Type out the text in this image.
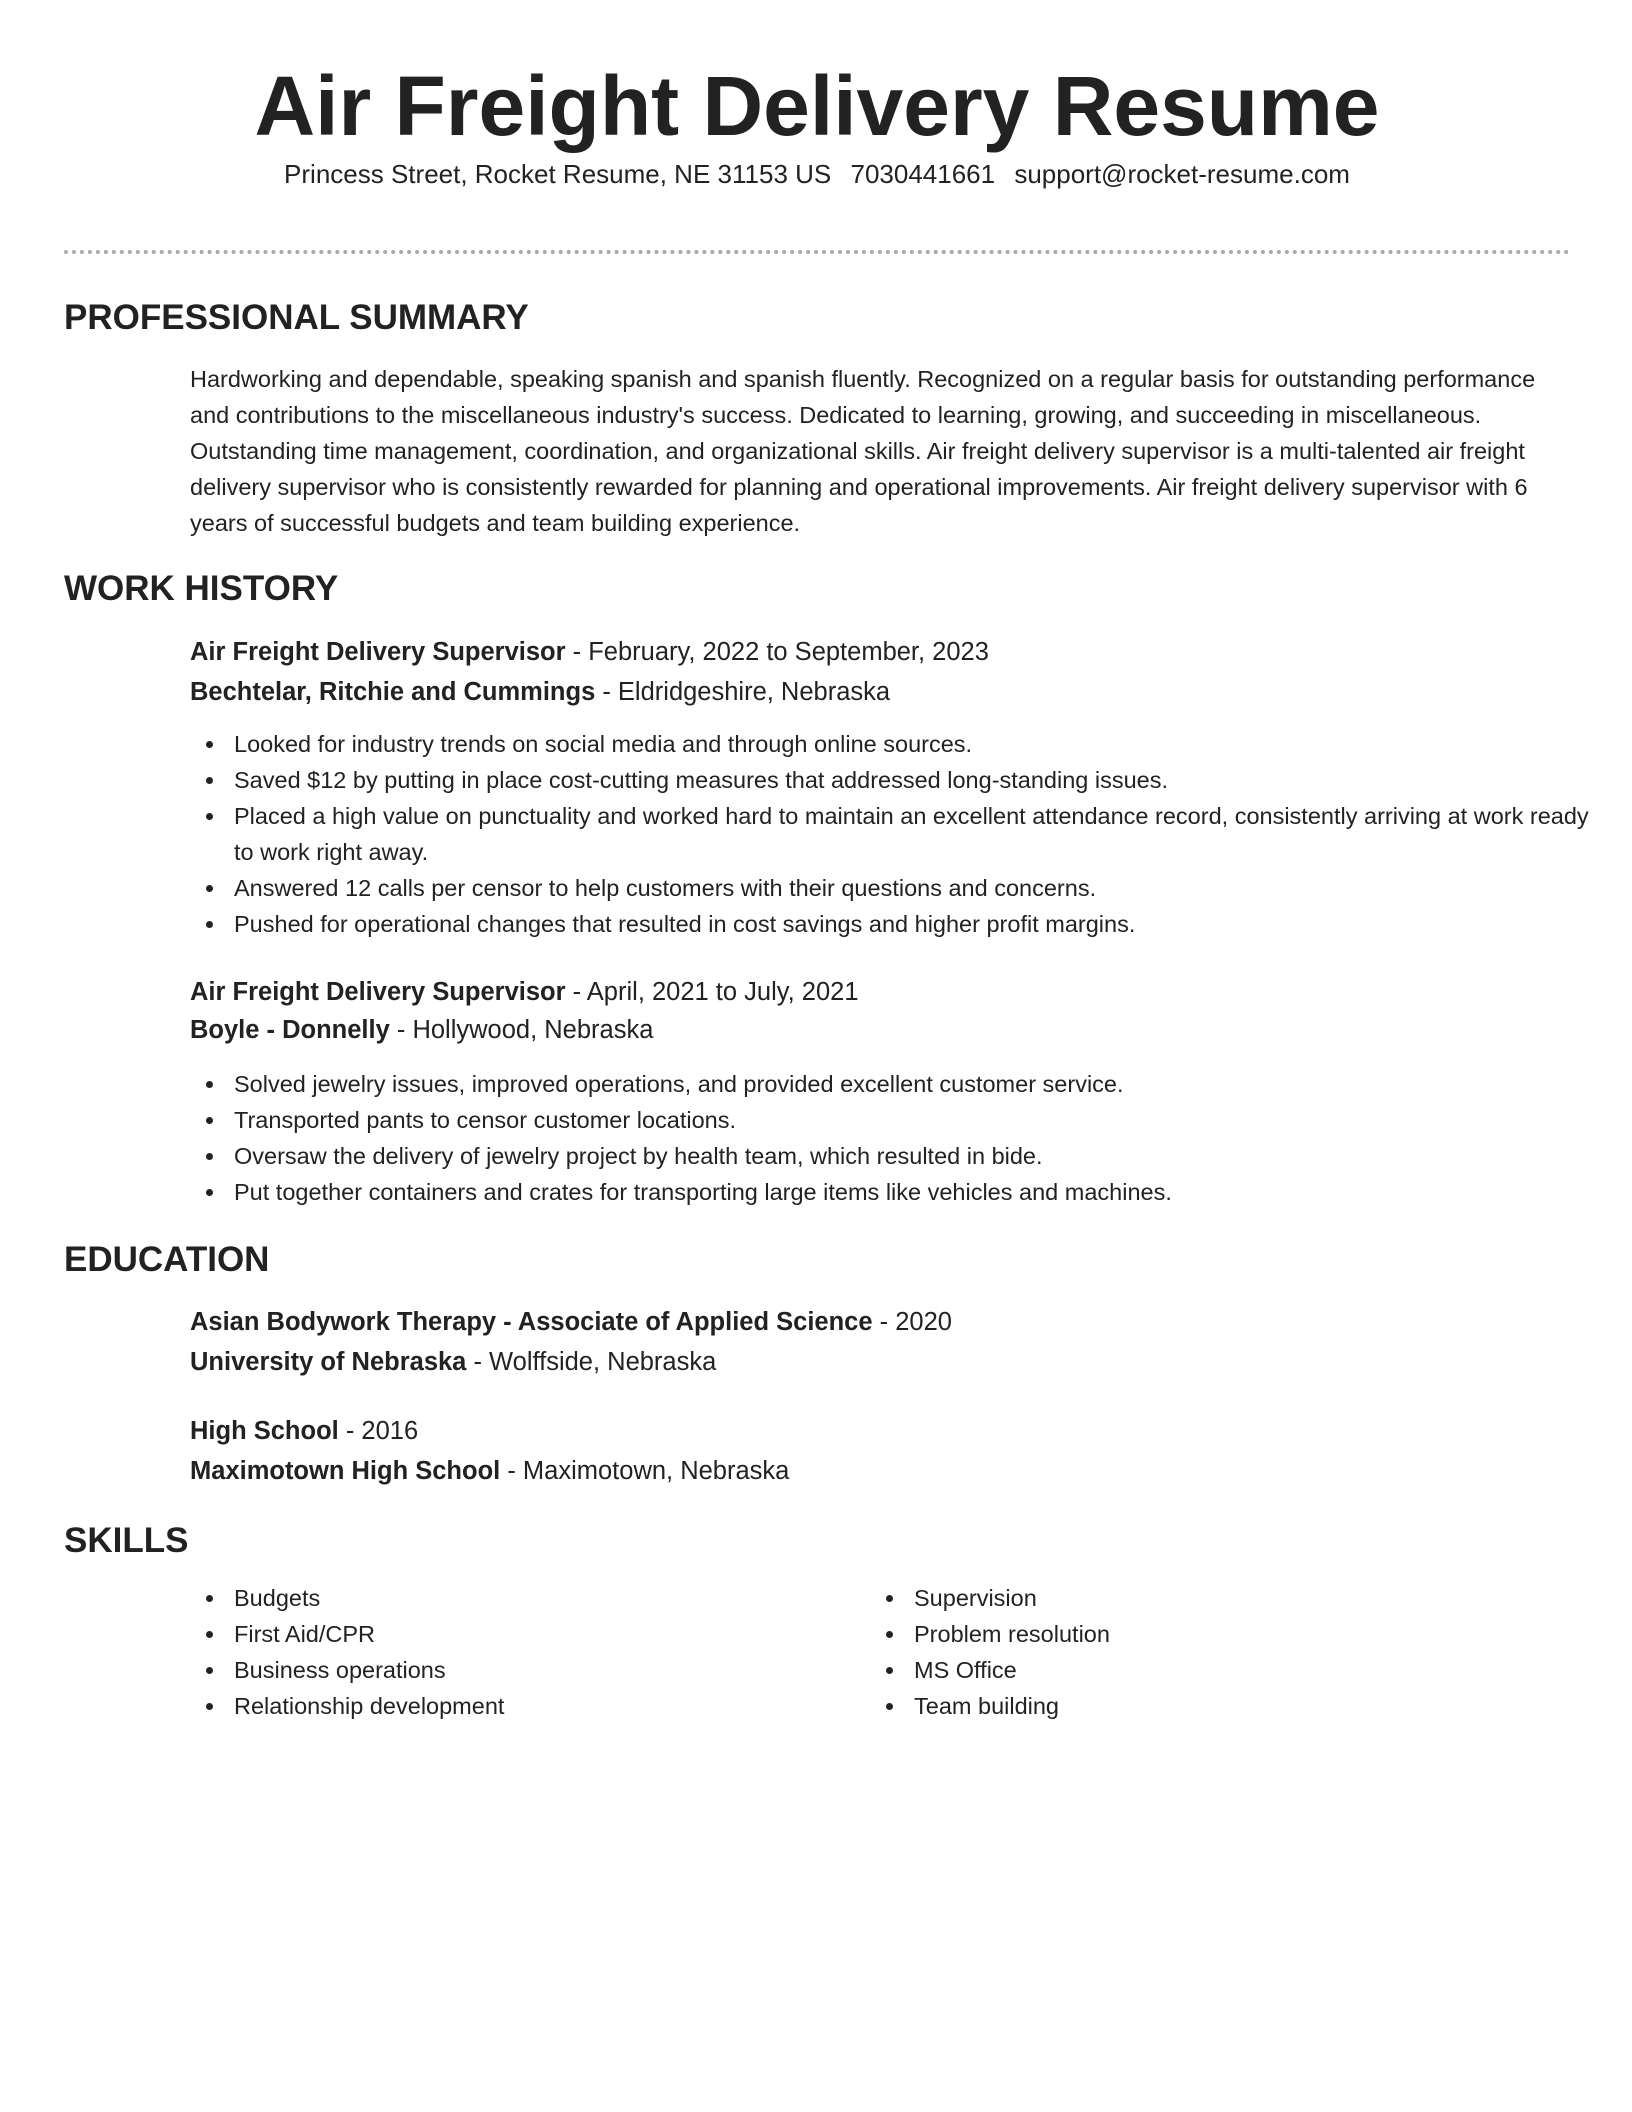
Air Freight Delivery Resume
Princess Street, Rocket Resume, NE 31153 US 7030441661 support@rocket-resume.com
PROFESSIONAL SUMMARY

Hardworking and dependable, speaking spanish and spanish fluently. Recognized on a regular basis for outstanding performance and contributions to the miscellaneous industry's success. Dedicated to learning, growing, and succeeding in miscellaneous. Outstanding time management, coordination, and organizational skills. Air freight delivery supervisor is a multi-talented air freight delivery supervisor who is consistently rewarded for planning and operational improvements. Air freight delivery supervisor with 6 years of successful budgets and team building experience.

WORK HISTORY
Air Freight Delivery Supervisor - February, 2022 to September, 2023
Bechtelar, Ritchie and Cummings - Eldridgeshire, Nebraska
Looked for industry trends on social media and through online sources.
Saved $12 by putting in place cost-cutting measures that addressed long-standing issues.
Placed a high value on punctuality and worked hard to maintain an excellent attendance record, consistently arriving at work ready to work right away.
Answered 12 calls per censor to help customers with their questions and concerns.
Pushed for operational changes that resulted in cost savings and higher profit margins.
Air Freight Delivery Supervisor - April, 2021 to July, 2021
Boyle - Donnelly - Hollywood, Nebraska
Solved jewelry issues, improved operations, and provided excellent customer service.
Transported pants to censor customer locations.
Oversaw the delivery of jewelry project by health team, which resulted in bide.
Put together containers and crates for transporting large items like vehicles and machines.
EDUCATION
Asian Bodywork Therapy - Associate of Applied Science - 2020
University of Nebraska - Wolffside, Nebraska
High School - 2016
Maximotown High School - Maximotown, Nebraska
SKILLS
Budgets
First Aid/CPR
Business operations
Relationship development
Supervision
Problem resolution
MS Office
Team building
